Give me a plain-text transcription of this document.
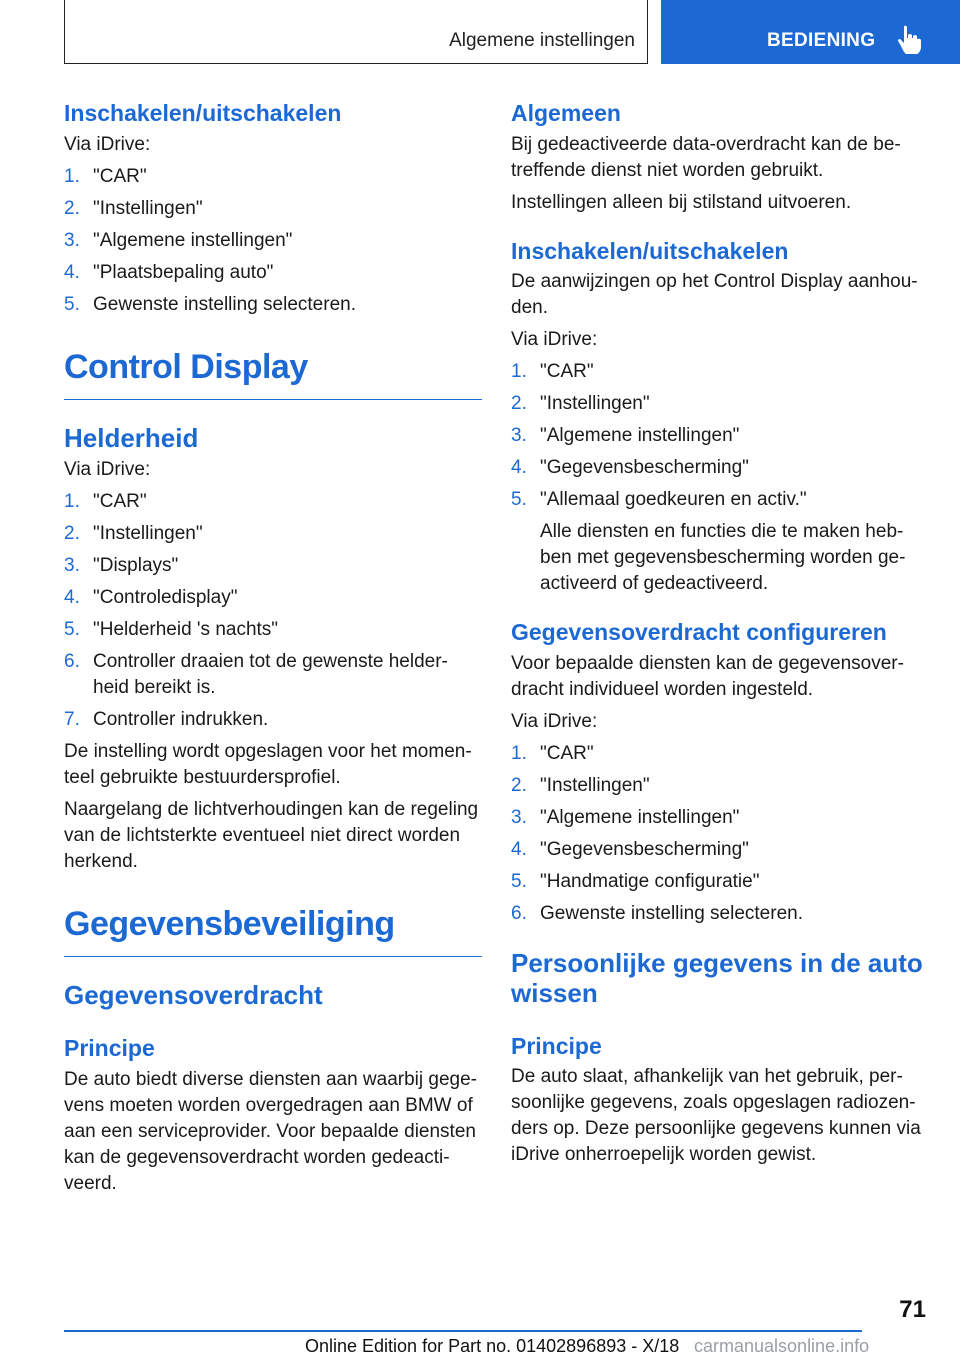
Algemene instellingen	BEDIENING
Inschakelen/uitschakelen

Via iDrive:

1. "CAR"
2. "Instellingen"
3. "Algemene instellingen"
4. "Plaatsbepaling auto"
5. Gewenste instelling selecteren.
Control Display
Helderheid

Via iDrive:

1. "CAR"
2. "Instellingen"
3. "Displays"
4. "Controledisplay"
5. "Helderheid 's nachts"
6. Controller draaien tot de gewenste helder-heid bereikt is.
7. Controller indrukken.

De instelling wordt opgeslagen voor het momen-teel gebruikte bestuurdersprofiel.

Naargelang de lichtverhoudingen kan de regeling van de lichtsterkte eventueel niet direct worden herkend.

Gegevensbeveiliging
Gegevensoverdracht
Principe

De auto biedt diverse diensten aan waarbij gege-vens moeten worden overgedragen aan BMW of aan een serviceprovider. Voor bepaalde diensten kan de gegevensoverdracht worden gedeacti-veerd.

Algemeen

Bij gedeactiveerde data-overdracht kan de be-treffende dienst niet worden gebruikt.

Instellingen alleen bij stilstand uitvoeren.

Inschakelen/uitschakelen

De aanwijzingen op het Control Display aanhou-den.

Via iDrive:

1. "CAR"
2. "Instellingen"
3. "Algemene instellingen"
4. "Gegevensbescherming"
5. "Allemaal goedkeuren en activ."

Alle diensten en functies die te maken heb-ben met gegevensbescherming worden ge-activeerd of gedeactiveerd.

Gegevensoverdracht configureren

Voor bepaalde diensten kan de gegevensover-dracht individueel worden ingesteld.

Via iDrive:

1. "CAR"
2. "Instellingen"
3. "Algemene instellingen"
4. "Gegevensbescherming"
5. "Handmatige configuratie"
6. Gewenste instelling selecteren.
Persoonlijke gegevens in de auto wissen
Principe

De auto slaat, afhankelijk van het gebruik, per-soonlijke gegevens, zoals opgeslagen radiozen-ders op. Deze persoonlijke gegevens kunnen via iDrive onherroepelijk worden gewist.

71
Online Edition for Part no. 01402896893 - X/18 carmanualsonline.info
